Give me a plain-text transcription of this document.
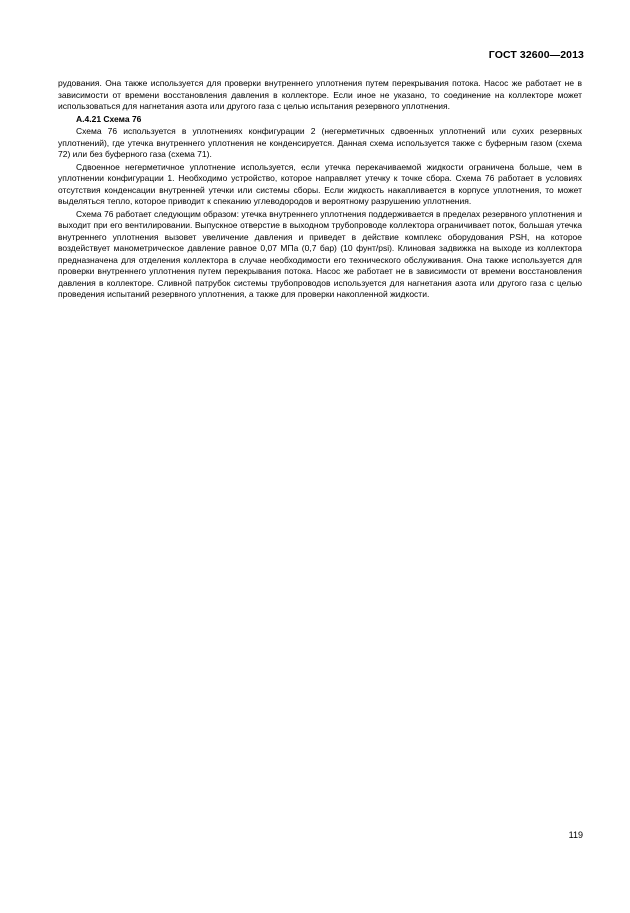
ГОСТ 32600—2013

рудования. Она также используется для проверки внутреннего уплотнения путем перекрывания потока. Насос же работает не в зависимости от времени восстановления давления в коллекторе. Если иное не указано, то соединение на коллекторе может использоваться для нагнетания азота или другого газа с целью испытания резервного уплотнения.

А.4.21 Схема 76

Схема 76 используется в уплотнениях конфигурации 2 (негерметичных сдвоенных уплотнений или сухих резервных уплотнений), где утечка внутреннего уплотнения не конденсируется. Данная схема используется также с буферным газом (схема 72) или без буферного газа (схема 71).

Сдвоенное негерметичное уплотнение используется, если утечка перекачиваемой жидкости ограничена больше, чем в уплотнении конфигурации 1. Необходимо устройство, которое направляет утечку к точке сбора. Схема 76 работает в условиях отсутствия конденсации внутренней утечки или системы сборы. Если жидкость накапливается в корпусе уплотнения, то может выделяться тепло, которое приводит к спеканию углеводородов и вероятному разрушению уплотнения.

Схема 76 работает следующим образом: утечка внутреннего уплотнения поддерживается в пределах резервного уплотнения и выходит при его вентилировании. Выпускное отверстие в выходном трубопроводе коллектора ограничивает поток, большая утечка внутреннего уплотнения вызовет увеличение давления и приведет в действие комплекс оборудования PSH, на которое воздействует манометрическое давление равное 0,07 МПа (0,7 бар) (10 фунт/psi). Клиновая задвижка на выходе из коллектора предназначена для отделения коллектора в случае необходимости его технического обслуживания. Она также используется для проверки внутреннего уплотнения путем перекрывания потока. Насос же работает не в зависимости от времени восстановления давления в коллекторе. Сливной патрубок системы трубопроводов используется для нагнетания азота или другого газа с целью проведения испытаний резервного уплотнения, а также для проверки накопленной жидкости.

119
